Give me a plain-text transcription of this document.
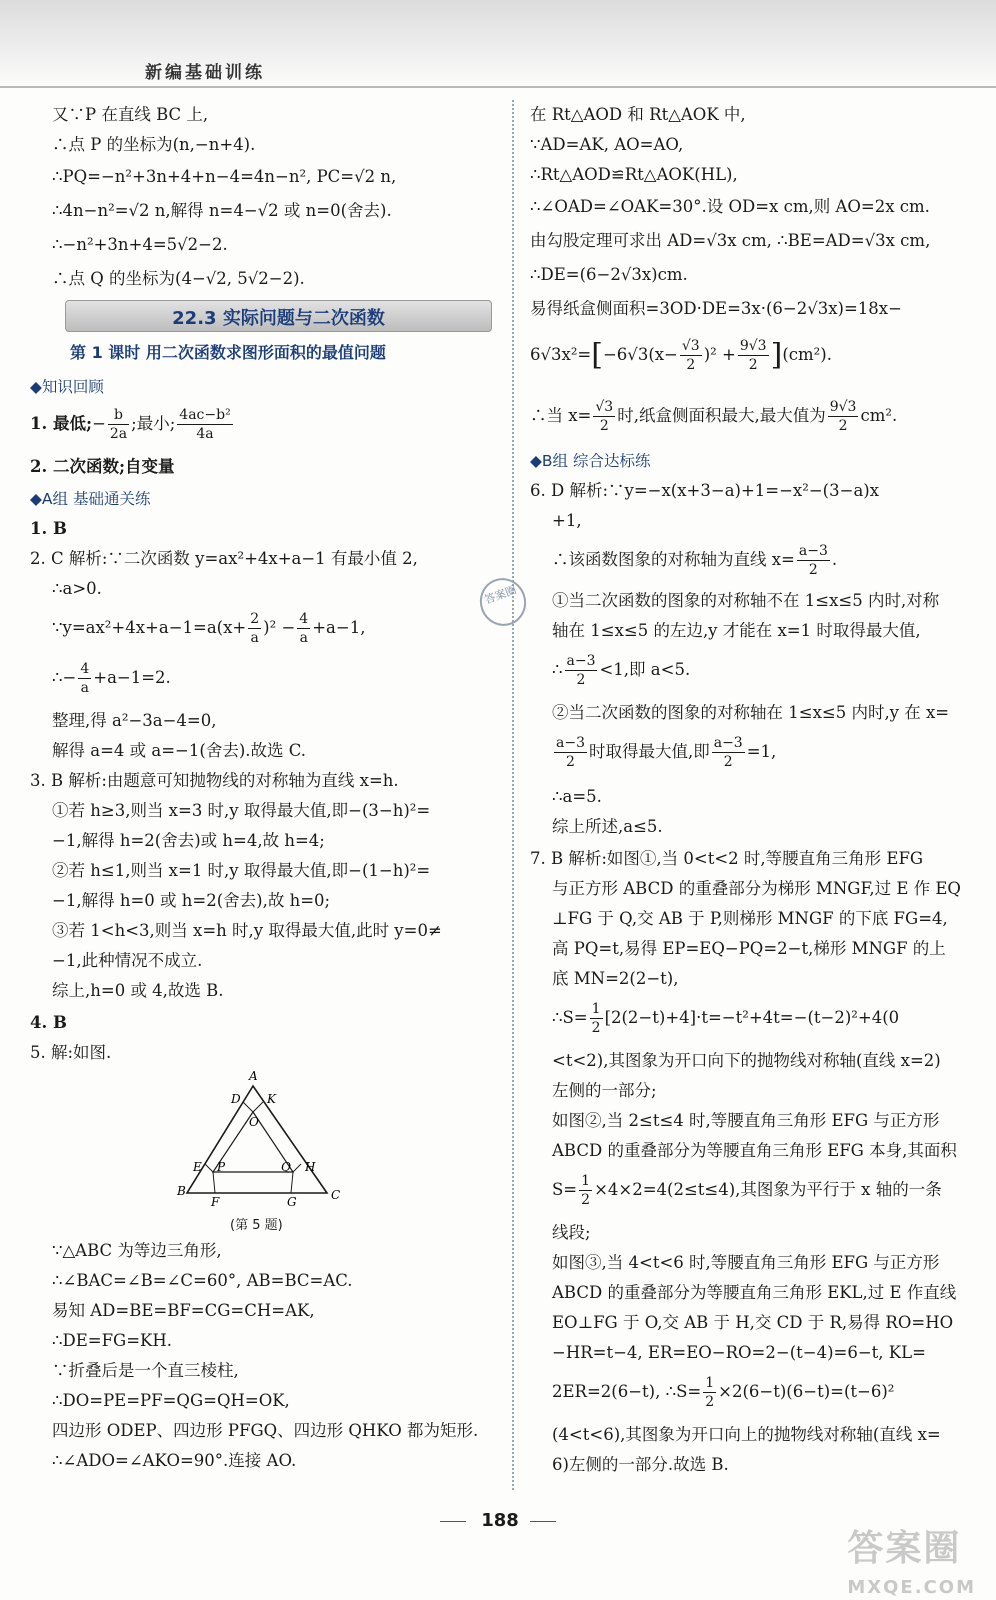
新编基础训练
又∵P 在直线 BC 上,
∴点 P 的坐标为(n,−n+4).
∴PQ=−n²+3n+4+n−4=4n−n², PC=√2 n,
∴4n−n²=√2 n,解得 n=4−√2 或 n=0(舍去).
∴−n²+3n+4=5√2−2.
∴点 Q 的坐标为(4−√2, 5√2−2).
22.3 实际问题与二次函数
第 1 课时 用二次函数求图形面积的最值问题
◆知识回顾
1. 最低;− $\frac{b}{2a}$ ;最小; $\frac{\text{4ac−b²}}{4a}$
2. 二次函数;自变量
◆A组 基础通关练
1. B
2. C 解析:∵二次函数 y=ax²+4x+a−1 有最小值 2,
∴a>0.
∵y=ax²+4x+a−1=a(x+ $\frac{2}{a} )^2 - \frac{4}{a} +a-1$,
∴− $\frac{4}{a} +a-1=2$.
整理,得 a²−3a−4=0,
解得 a=4 或 a=−1(舍去).故选 C.
3. B 解析:由题意可知抛物线的对称轴为直线 x=h.
①若 h≥3,则当 x=3 时,y 取得最大值,即−(3−h)²=
−1,解得 h=2(舍去)或 h=4,故 h=4;
②若 h≤1,则当 x=1 时,y 取得最大值,即−(1−h)²=
−1,解得 h=0 或 h=2(舍去),故 h=0;
③若 1<h<3,则当 x=h 时,y 取得最大值,此时 y=0≠
−1,此种情况不成立.
综上,h=0 或 4,故选 B.
4. B
5. 解:如图.
A
D K
O
E	H
P	Q
B	C
F	G
(第 5 题)
∵△ABC 为等边三角形,
∴∠BAC=∠B=∠C=60°, AB=BC=AC.
易知 AD=BE=BF=CG=CH=AK,
∴DE=FG=KH.
∵折叠后是一个直三棱柱,
∴DO=PE=PF=QG=QH=OK,
四边形 ODEP、四边形 PFGQ、四边形 QHKO 都为矩形.
∴∠ADO=∠AKO=90°.连接 AO.
在 Rt△AOD 和 Rt△AOK 中,
∵AD=AK, AO=AO,
∴Rt△AOD≌Rt△AOK(HL),
∴∠OAD=∠OAK=30°.设 OD=x cm,则 AO=2x cm.
由勾股定理可求出 AD=√3x cm, ∴BE=AD=√3x cm,
∴DE=(6−2√3x)cm.
易得纸盒侧面积=3OD·DE=3x·(6−2√3x)=18x−
$6√3x^2=[-6√3(x- \frac{√3}{2} )^2 + \frac{9√3}{2} ](cm^2)$.
∴当 $x= \frac{√3}{2}$ 时,纸盒侧面积最大,最大值为 $\frac{9√3}{2} cm^2$.
◆B组 综合达标练
6. D 解析:∵y=−x(x+3−a)+1=−x²−(3−a)x
+1,
∴该函数图象的对称轴为直线 $x= \frac{a-3}{2}$ .
①当二次函数的图象的对称轴不在 1≤x≤5 内时,对称
轴在 1≤x≤5 的左边,y 才能在 x=1 时取得最大值,
∴ $\frac{a-3}{2} <1$,即 a<5.
②当二次函数的图象的对称轴在 1≤x≤5 内时,y 在 x=
$\frac{a-3}{2}$ 时取得最大值,即 $\frac{a-3}{2} =1$,
∴a=5.
综上所述,a≤5.
7. B 解析:如图①,当 0<t<2 时,等腰直角三角形 EFG
与正方形 ABCD 的重叠部分为梯形 MNGF,过 E 作 EQ
⊥FG 于 Q,交 AB 于 P,则梯形 MNGF 的下底 FG=4,
高 PQ=t,易得 EP=EQ−PQ=2−t,梯形 MNGF 的上
底 MN=2(2−t),
∴S= $\frac{1}{2} [2(2-t)+4]\cdot t=-t^2+4t=-(t-2)^2+4(0$
<t<2),其图象为开口向下的抛物线对称轴(直线 x=2)
左侧的一部分;
如图②,当 2≤t≤4 时,等腰直角三角形 EFG 与正方形
ABCD 的重叠部分为等腰直角三角形 EFG 本身,其面积
$S= \frac{1}{2} \times 4\times 2=4(2\le t\le 4)$,其图象为平行于 x 轴的一条
线段;
如图③,当 4<t<6 时,等腰直角三角形 EFG 与正方形
ABCD 的重叠部分为等腰直角三角形 EKL,过 E 作直线
EO⊥FG 于 O,交 AB 于 H,交 CD 于 R,易得 RO=HO
−HR=t−4, ER=EO−RO=2−(t−4)=6−t, KL=
2ER=2(6−t), ∴S= $\frac{1}{2} \times 2(6-t)(6-t)=(t-6)^2$
(4<t<6),其图象为开口向上的抛物线对称轴(直线 x=
6)左侧的一部分.故选 B.
答案圈
188
答案圈
MXQE.COM
